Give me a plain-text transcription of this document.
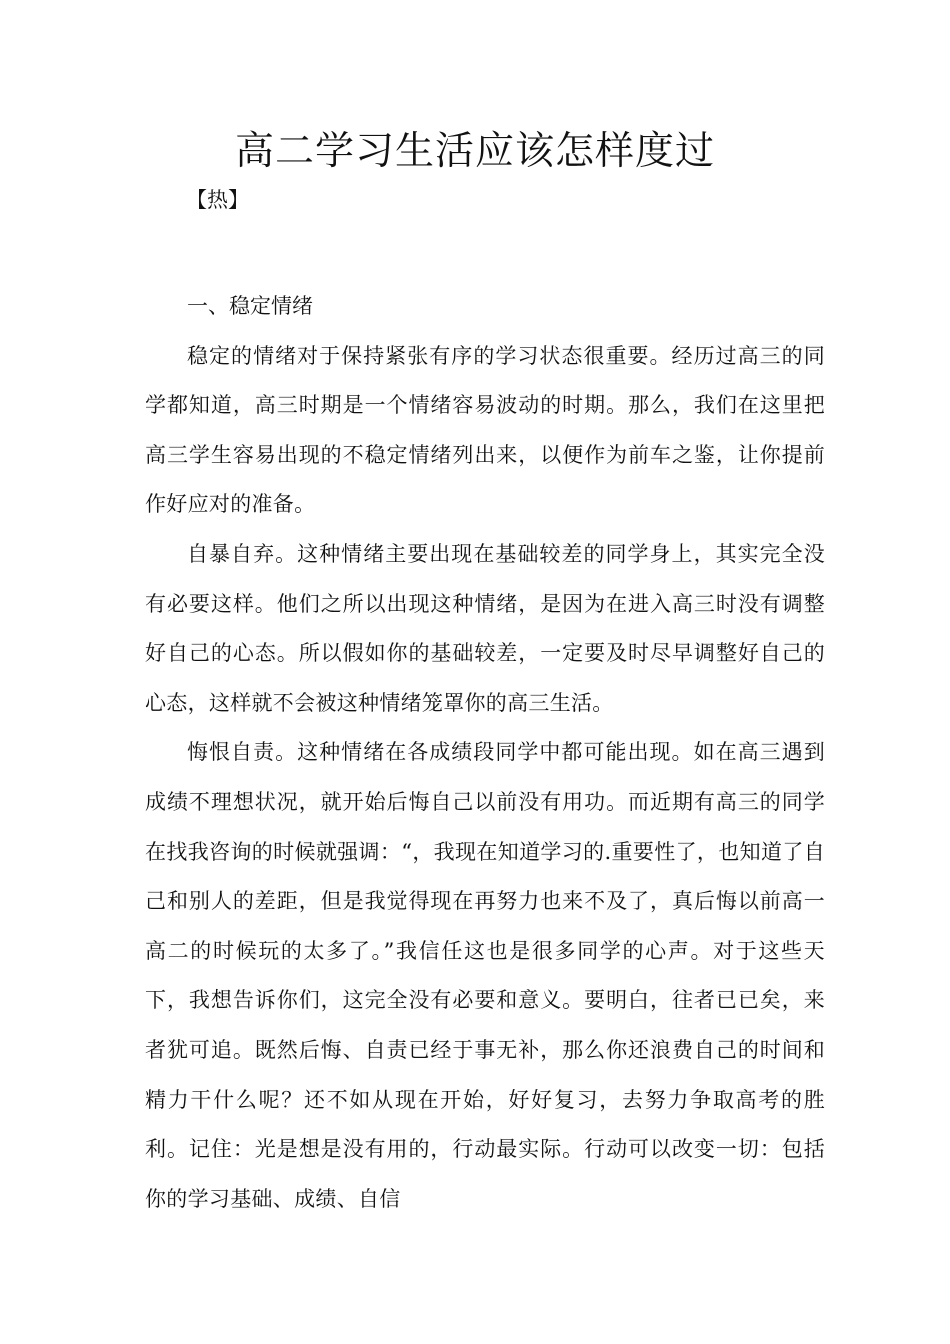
高二学习生活应该怎样度过

【热】

一、稳定情绪

稳定的情绪对于保持紧张有序的学习状态很重要。经历过高三的同学都知道，高三时期是一个情绪容易波动的时期。那么，我们在这里把高三学生容易出现的不稳定情绪列出来，以便作为前车之鉴，让你提前作好应对的准备。

自暴自弃。这种情绪主要出现在基础较差的同学身上，其实完全没有必要这样。他们之所以出现这种情绪，是因为在进入高三时没有调整好自己的心态。所以假如你的基础较差，一定要及时尽早调整好自己的心态，这样就不会被这种情绪笼罩你的高三生活。

悔恨自责。这种情绪在各成绩段同学中都可能出现。如在高三遇到成绩不理想状况，就开始后悔自己以前没有用功。而近期有高三的同学在找我咨询的时候就强调：“，我现在知道学习的.重要性了，也知道了自己和别人的差距，但是我觉得现在再努力也来不及了，真后悔以前高一高二的时候玩的太多了。”我信任这也是很多同学的心声。对于这些天下，我想告诉你们，这完全没有必要和意义。要明白，往者已已矣，来者犹可追。既然后悔、自责已经于事无补，那么你还浪费自己的时间和精力干什么呢？还不如从现在开始，好好复习，去努力争取高考的胜利。记住：光是想是没有用的，行动最实际。行动可以改变一切：包括你的学习基础、成绩、自信
